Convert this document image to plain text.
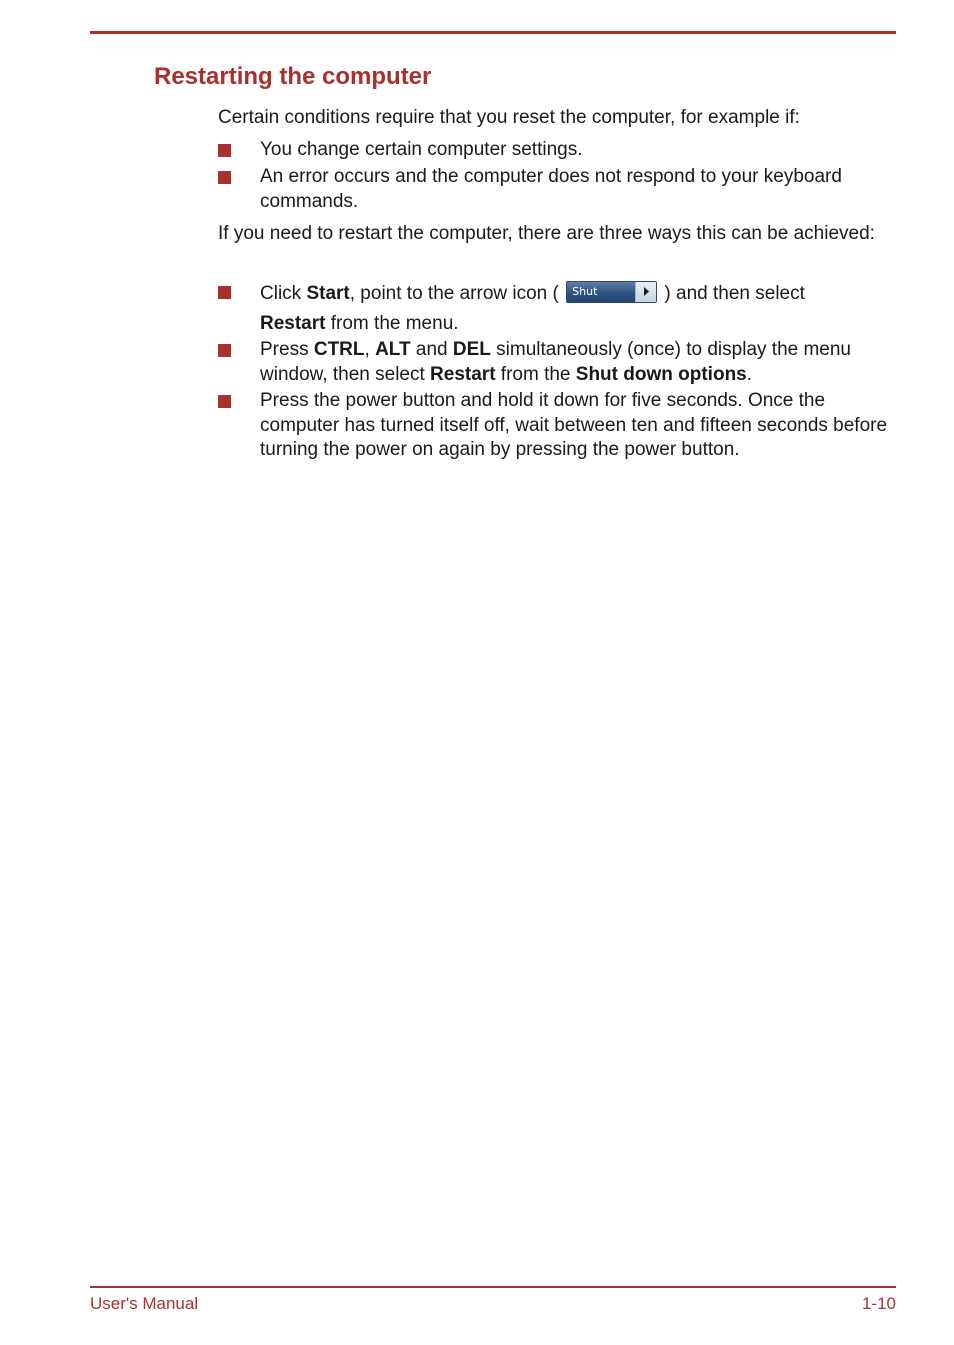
Restarting the computer

Certain conditions require that you reset the computer, for example if:

You change certain computer settings.
An error occurs and the computer does not respond to your keyboard commands.

If you need to restart the computer, there are three ways this can be achieved:

Click Start, point to the arrow icon (	Shut down
) and then select
Restart from the menu.
Press CTRL, ALT and DEL simultaneously (once) to display the menu window, then select Restart from the Shut down options.
Press the power button and hold it down for five seconds. Once the computer has turned itself off, wait between ten and fifteen seconds before turning the power on again by pressing the power button.
User's Manual	1-10
